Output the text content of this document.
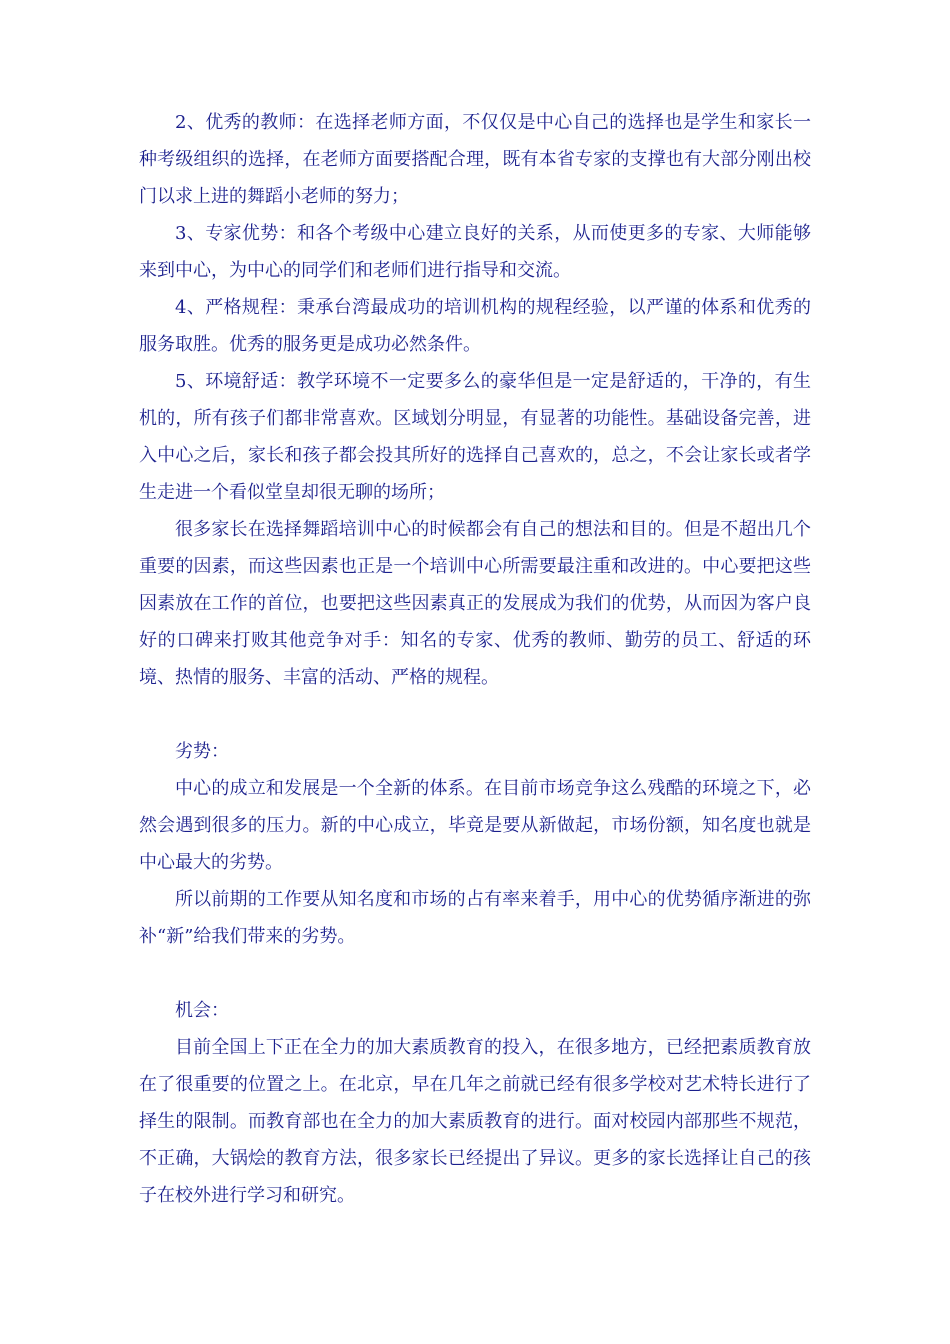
2、优秀的教师：在选择老师方面，不仅仅是中心自己的选择也是学生和家长一种考级组织的选择，在老师方面要搭配合理，既有本省专家的支撑也有大部分刚出校门以求上进的舞蹈小老师的努力；

3、专家优势：和各个考级中心建立良好的关系，从而使更多的专家、大师能够来到中心，为中心的同学们和老师们进行指导和交流。

4、严格规程：秉承台湾最成功的培训机构的规程经验，以严谨的体系和优秀的服务取胜。优秀的服务更是成功必然条件。

5、环境舒适：教学环境不一定要多么的豪华但是一定是舒适的，干净的，有生机的，所有孩子们都非常喜欢。区域划分明显，有显著的功能性。基础设备完善，进入中心之后，家长和孩子都会投其所好的选择自己喜欢的，总之，不会让家长或者学生走进一个看似堂皇却很无聊的场所；

很多家长在选择舞蹈培训中心的时候都会有自己的想法和目的。但是不超出几个重要的因素，而这些因素也正是一个培训中心所需要最注重和改进的。中心要把这些因素放在工作的首位，也要把这些因素真正的发展成为我们的优势，从而因为客户良好的口碑来打败其他竞争对手：知名的专家、优秀的教师、勤劳的员工、舒适的环境、热情的服务、丰富的活动、严格的规程。

劣势：

中心的成立和发展是一个全新的体系。在目前市场竞争这么残酷的环境之下，必然会遇到很多的压力。新的中心成立，毕竟是要从新做起，市场份额，知名度也就是中心最大的劣势。

所以前期的工作要从知名度和市场的占有率来着手，用中心的优势循序渐进的弥补“新”给我们带来的劣势。

机会：

目前全国上下正在全力的加大素质教育的投入，在很多地方，已经把素质教育放在了很重要的位置之上。在北京，早在几年之前就已经有很多学校对艺术特长进行了择生的限制。而教育部也在全力的加大素质教育的进行。面对校园内部那些不规范，不正确，大锅烩的教育方法，很多家长已经提出了异议。更多的家长选择让自己的孩子在校外进行学习和研究。
